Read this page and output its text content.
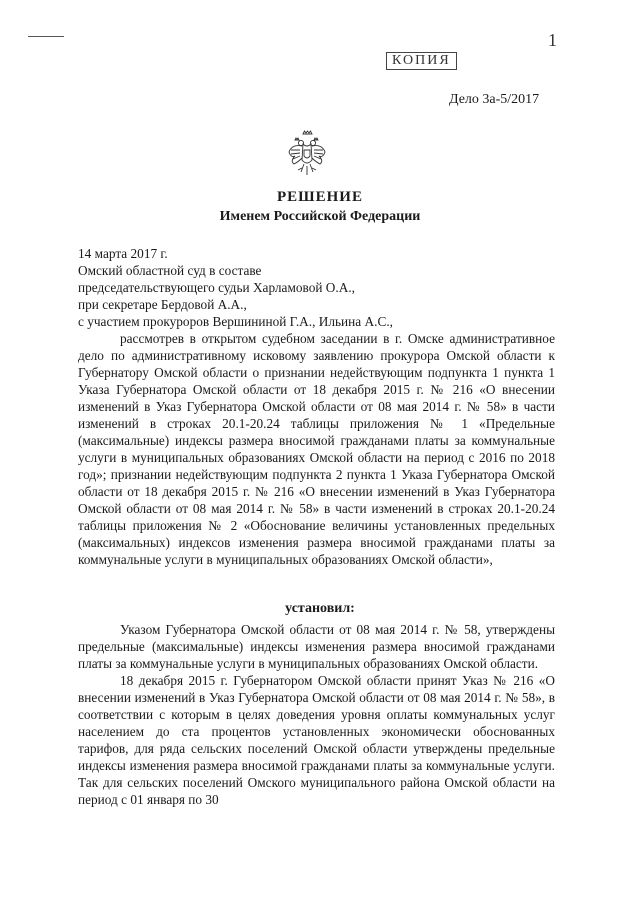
КОПИЯ
1
Дело 3а-5/2017
РЕШЕНИЕ
Именем Российской Федерации

14 марта 2017 г.

Омский областной суд в составе

председательствующего судьи Харламовой О.А.,

при секретаре Бердовой А.А.,

с участием прокуроров Вершининой Г.А., Ильина А.С.,

рассмотрев в открытом судебном заседании в г. Омске административное дело по административному исковому заявлению прокурора Омской области к Губернатору Омской области о признании недействующим подпункта 1 пункта 1 Указа Губернатора Омской области от 18 декабря 2015 г. № 216 «О внесении изменений в Указ Губернатора Омской области от 08 мая 2014 г. № 58» в части изменений в строках 20.1-20.24 таблицы приложения № 1 «Предельные (максимальные) индексы размера вносимой гражданами платы за коммунальные услуги в муниципальных образованиях Омской области на период с 2016 по 2018 год»; признании недействующим подпункта 2 пункта 1 Указа Губернатора Омской области от 18 декабря 2015 г. № 216 «О внесении изменений в Указ Губернатора Омской области от 08 мая 2014 г. № 58» в части изменений в строках 20.1-20.24 таблицы приложения № 2 «Обоснование величины установленных предельных (максимальных) индексов изменения размера вносимой гражданами платы за коммунальные услуги в муниципальных образованиях Омской области»,

установил:

Указом Губернатора Омской области от 08 мая 2014 г. № 58, утверждены предельные (максимальные) индексы изменения размера вносимой гражданами платы за коммунальные услуги в муниципальных образованиях Омской области.

18 декабря 2015 г. Губернатором Омской области принят Указ № 216 «О внесении изменений в Указ Губернатора Омской области от 08 мая 2014 г. № 58», в соответствии с которым в целях доведения уровня оплаты коммунальных услуг населением до ста процентов установленных экономически обоснованных тарифов, для ряда сельских поселений Омской области утверждены предельные индексы изменения размера вносимой гражданами платы за коммунальные услуги. Так для сельских поселений Омского муниципального района Омской области на период с 01 января по 30
